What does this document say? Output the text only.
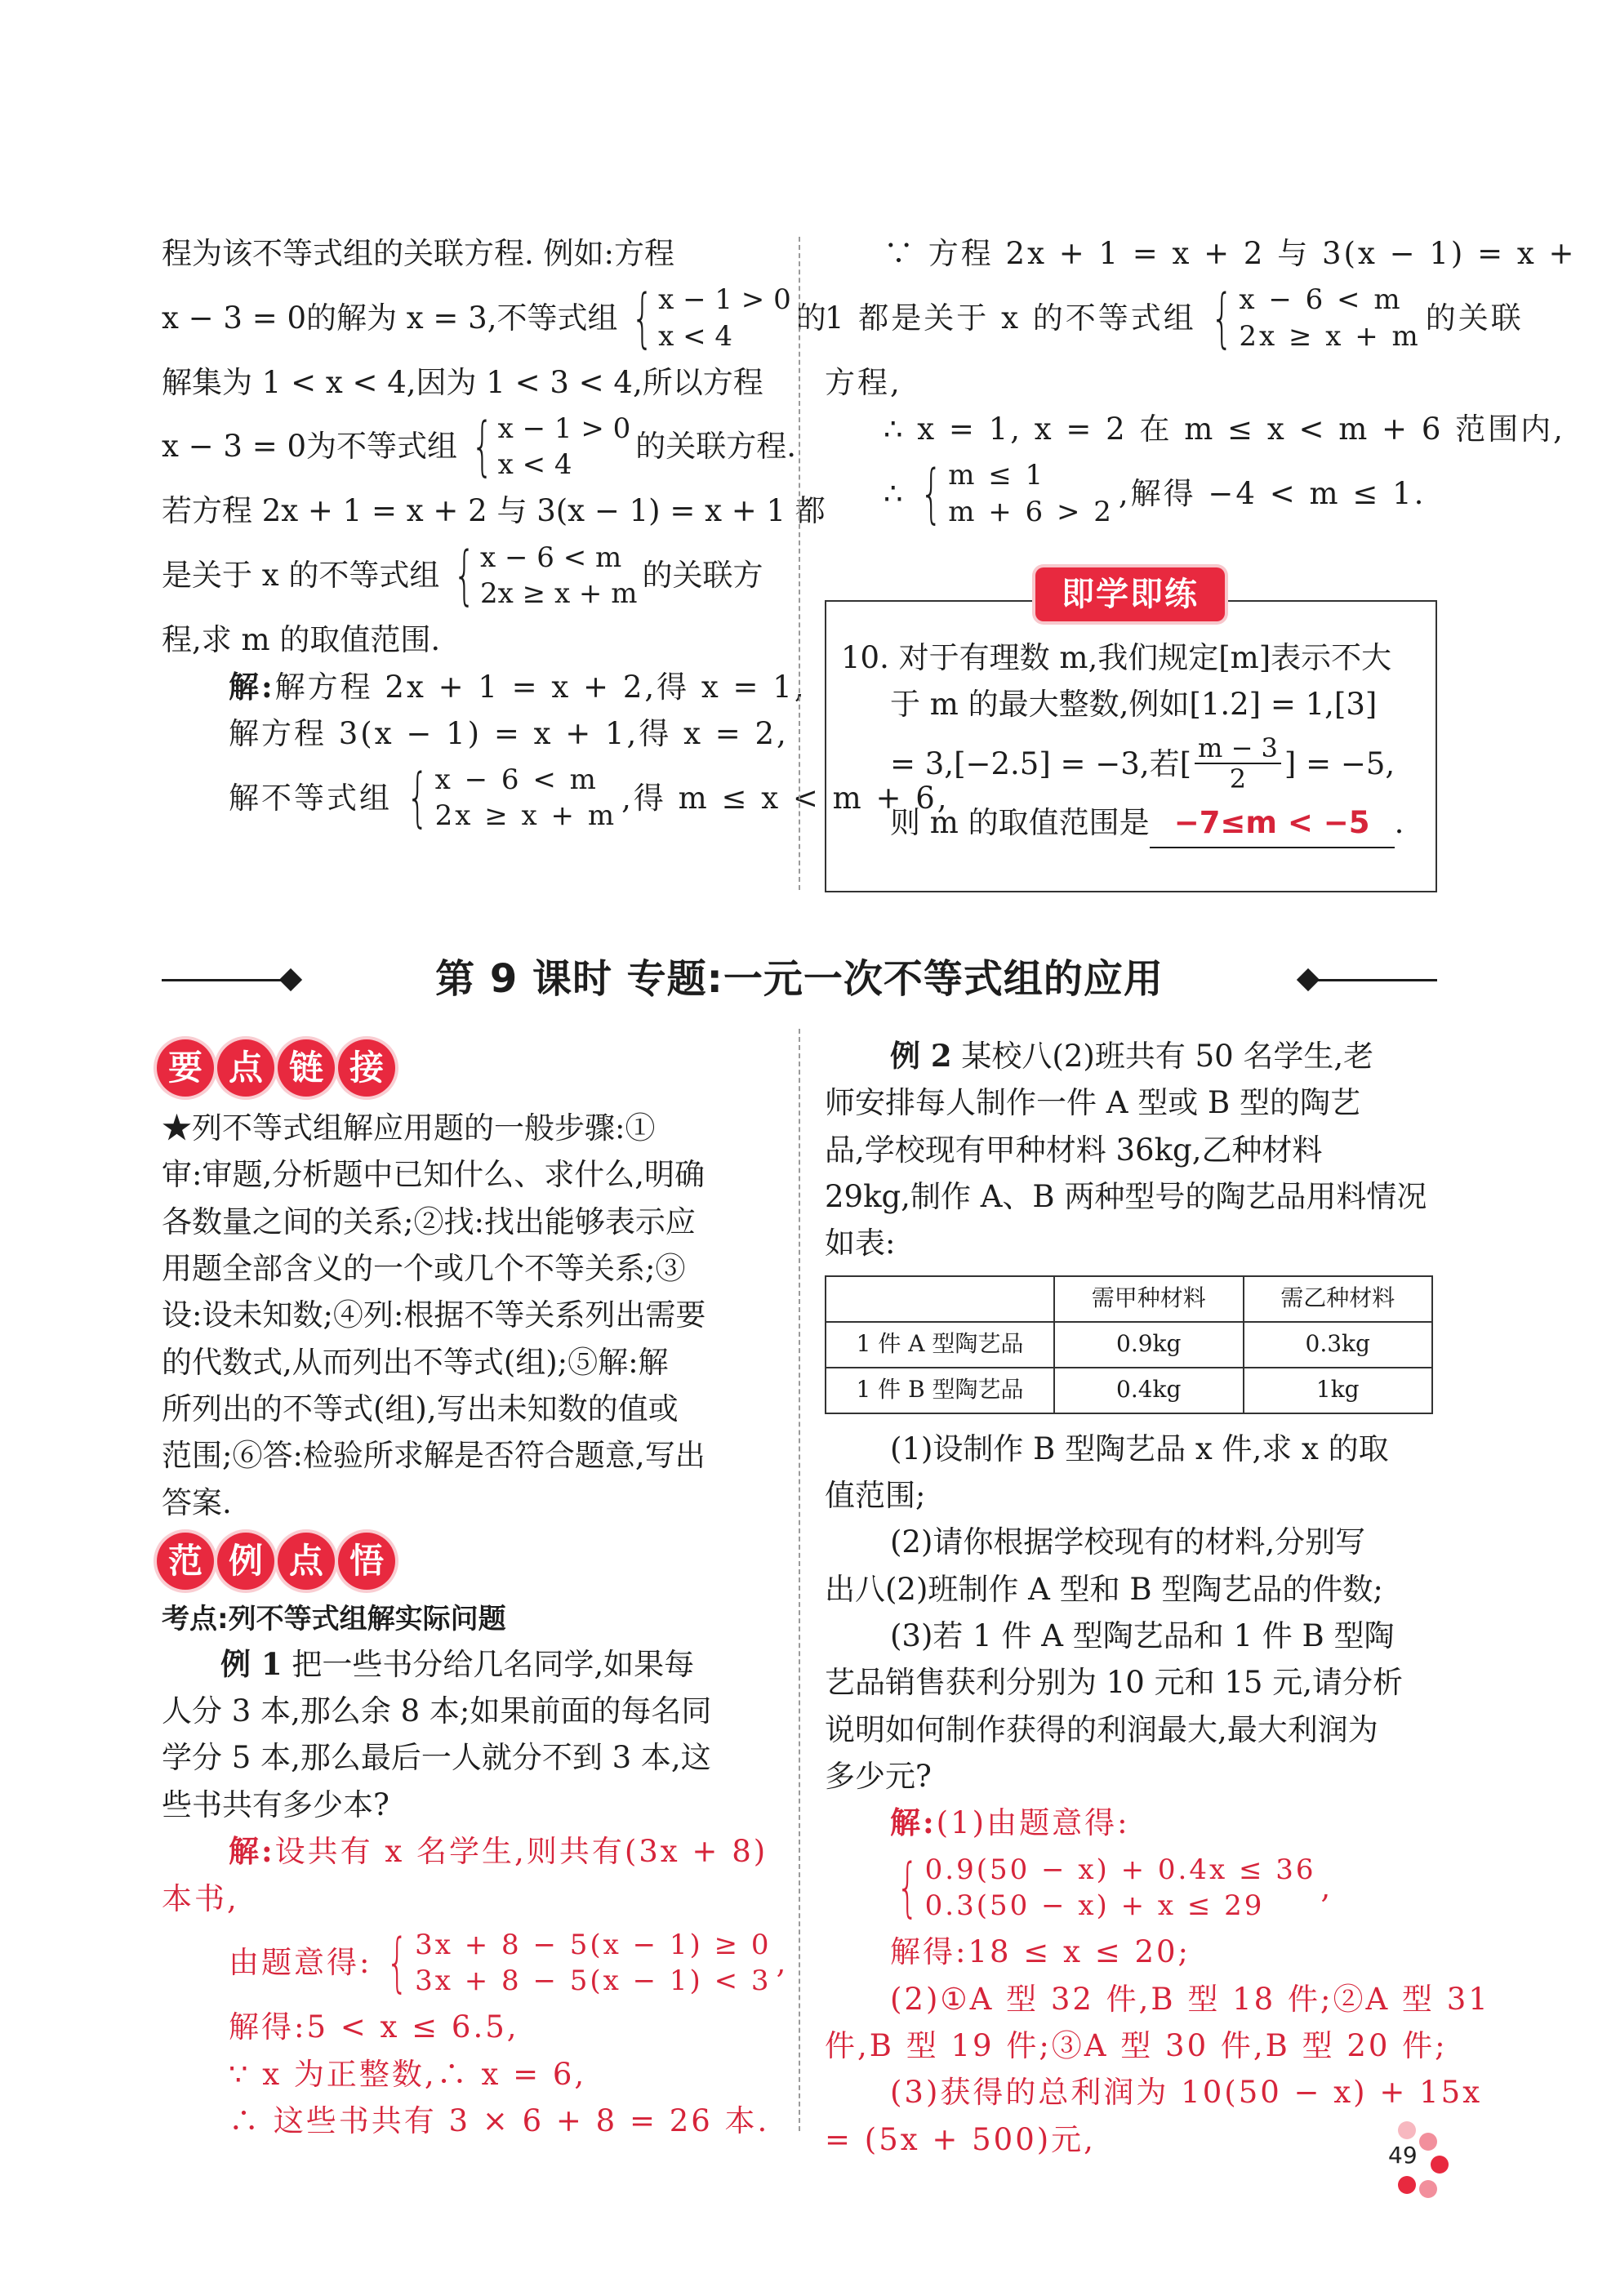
程为该不等式组的关联方程. 例如:方程
x − 3 = 0的解为 x = 3,不等式组 { x − 1 > 0
x < 4
的
解集为 1 < x < 4,因为 1 < 3 < 4,所以方程
x − 3 = 0为不等式组 { x − 1 > 0
x < 4
的关联方程.
若方程 2x + 1 = x + 2 与 3(x − 1) = x + 1 都
是关于 x 的不等式组 { x − 6 < m
2x ≥ x + m
的关联方
程,求 m 的取值范围.
解:解方程 2x + 1 = x + 2,得 x = 1,
解方程 3(x − 1) = x + 1,得 x = 2,
解不等式组 { x − 6 < m
2x ≥ x + m
,得 m ≤ x < m + 6,
∵ 方程 2x + 1 = x + 2 与 3(x − 1) = x +
1 都是关于 x 的不等式组 { x − 6 < m
2x ≥ x + m
的关联
方程,
∴ x = 1, x = 2 在 m ≤ x < m + 6 范围内,
∴ { m ≤ 1
m + 6 > 2
,解得 −4 < m ≤ 1.
10. 对于有理数 m,我们规定[m]表示不大
于 m 的最大整数,例如[1.2] = 1,[3]
= 3,[−2.5] = −3,若[ $\frac{m - 3}{2}$ ] = −5,
则 m 的取值范围是 −7≤m < −5 .
即学即练
第 9 课时 专题:一元一次不等式组的应用
要 点 链 接
★列不等式组解应用题的一般步骤:①
审:审题,分析题中已知什么、求什么,明确
各数量之间的关系;②找:找出能够表示应
用题全部含义的一个或几个不等关系;③
设:设未知数;④列:根据不等关系列出需要
的代数式,从而列出不等式(组);⑤解:解
所列出的不等式(组),写出未知数的值或
范围;⑥答:检验所求解是否符合题意,写出
答案.
范 例 点 悟
考点:列不等式组解实际问题
例 1 把一些书分给几名同学,如果每
人分 3 本,那么余 8 本;如果前面的每名同
学分 5 本,那么最后一人就分不到 3 本,这
些书共有多少本?
解:设共有 x 名学生,则共有(3x + 8)
本书,
由题意得: { 3x + 8 − 5(x − 1) ≥ 0
3x + 8 − 5(x − 1) < 3
,
解得:5 < x ≤ 6.5,
∵ x 为正整数,∴ x = 6,
∴ 这些书共有 3 × 6 + 8 = 26 本.
例 2 某校八(2)班共有 50 名学生,老
师安排每人制作一件 A 型或 B 型的陶艺
品,学校现有甲种材料 36kg,乙种材料
29kg,制作 A、B 两种型号的陶艺品用料情况
如表:
	需甲种材料	需乙种材料
1 件 A 型陶艺品	0.9kg	0.3kg
1 件 B 型陶艺品	0.4kg	1kg
(1)设制作 B 型陶艺品 x 件,求 x 的取
值范围;
(2)请你根据学校现有的材料,分别写
出八(2)班制作 A 型和 B 型陶艺品的件数;
(3)若 1 件 A 型陶艺品和 1 件 B 型陶
艺品销售获利分别为 10 元和 15 元,请分析
说明如何制作获得的利润最大,最大利润为
多少元?
解:(1)由题意得:
{ 0.9(50 − x) + 0.4x ≤ 36
0.3(50 − x) + x ≤ 29
,
解得:18 ≤ x ≤ 20;
(2)①A 型 32 件,B 型 18 件;②A 型 31
件,B 型 19 件;③A 型 30 件,B 型 20 件;
(3)获得的总利润为 10(50 − x) + 15x
= (5x + 500)元,	49
